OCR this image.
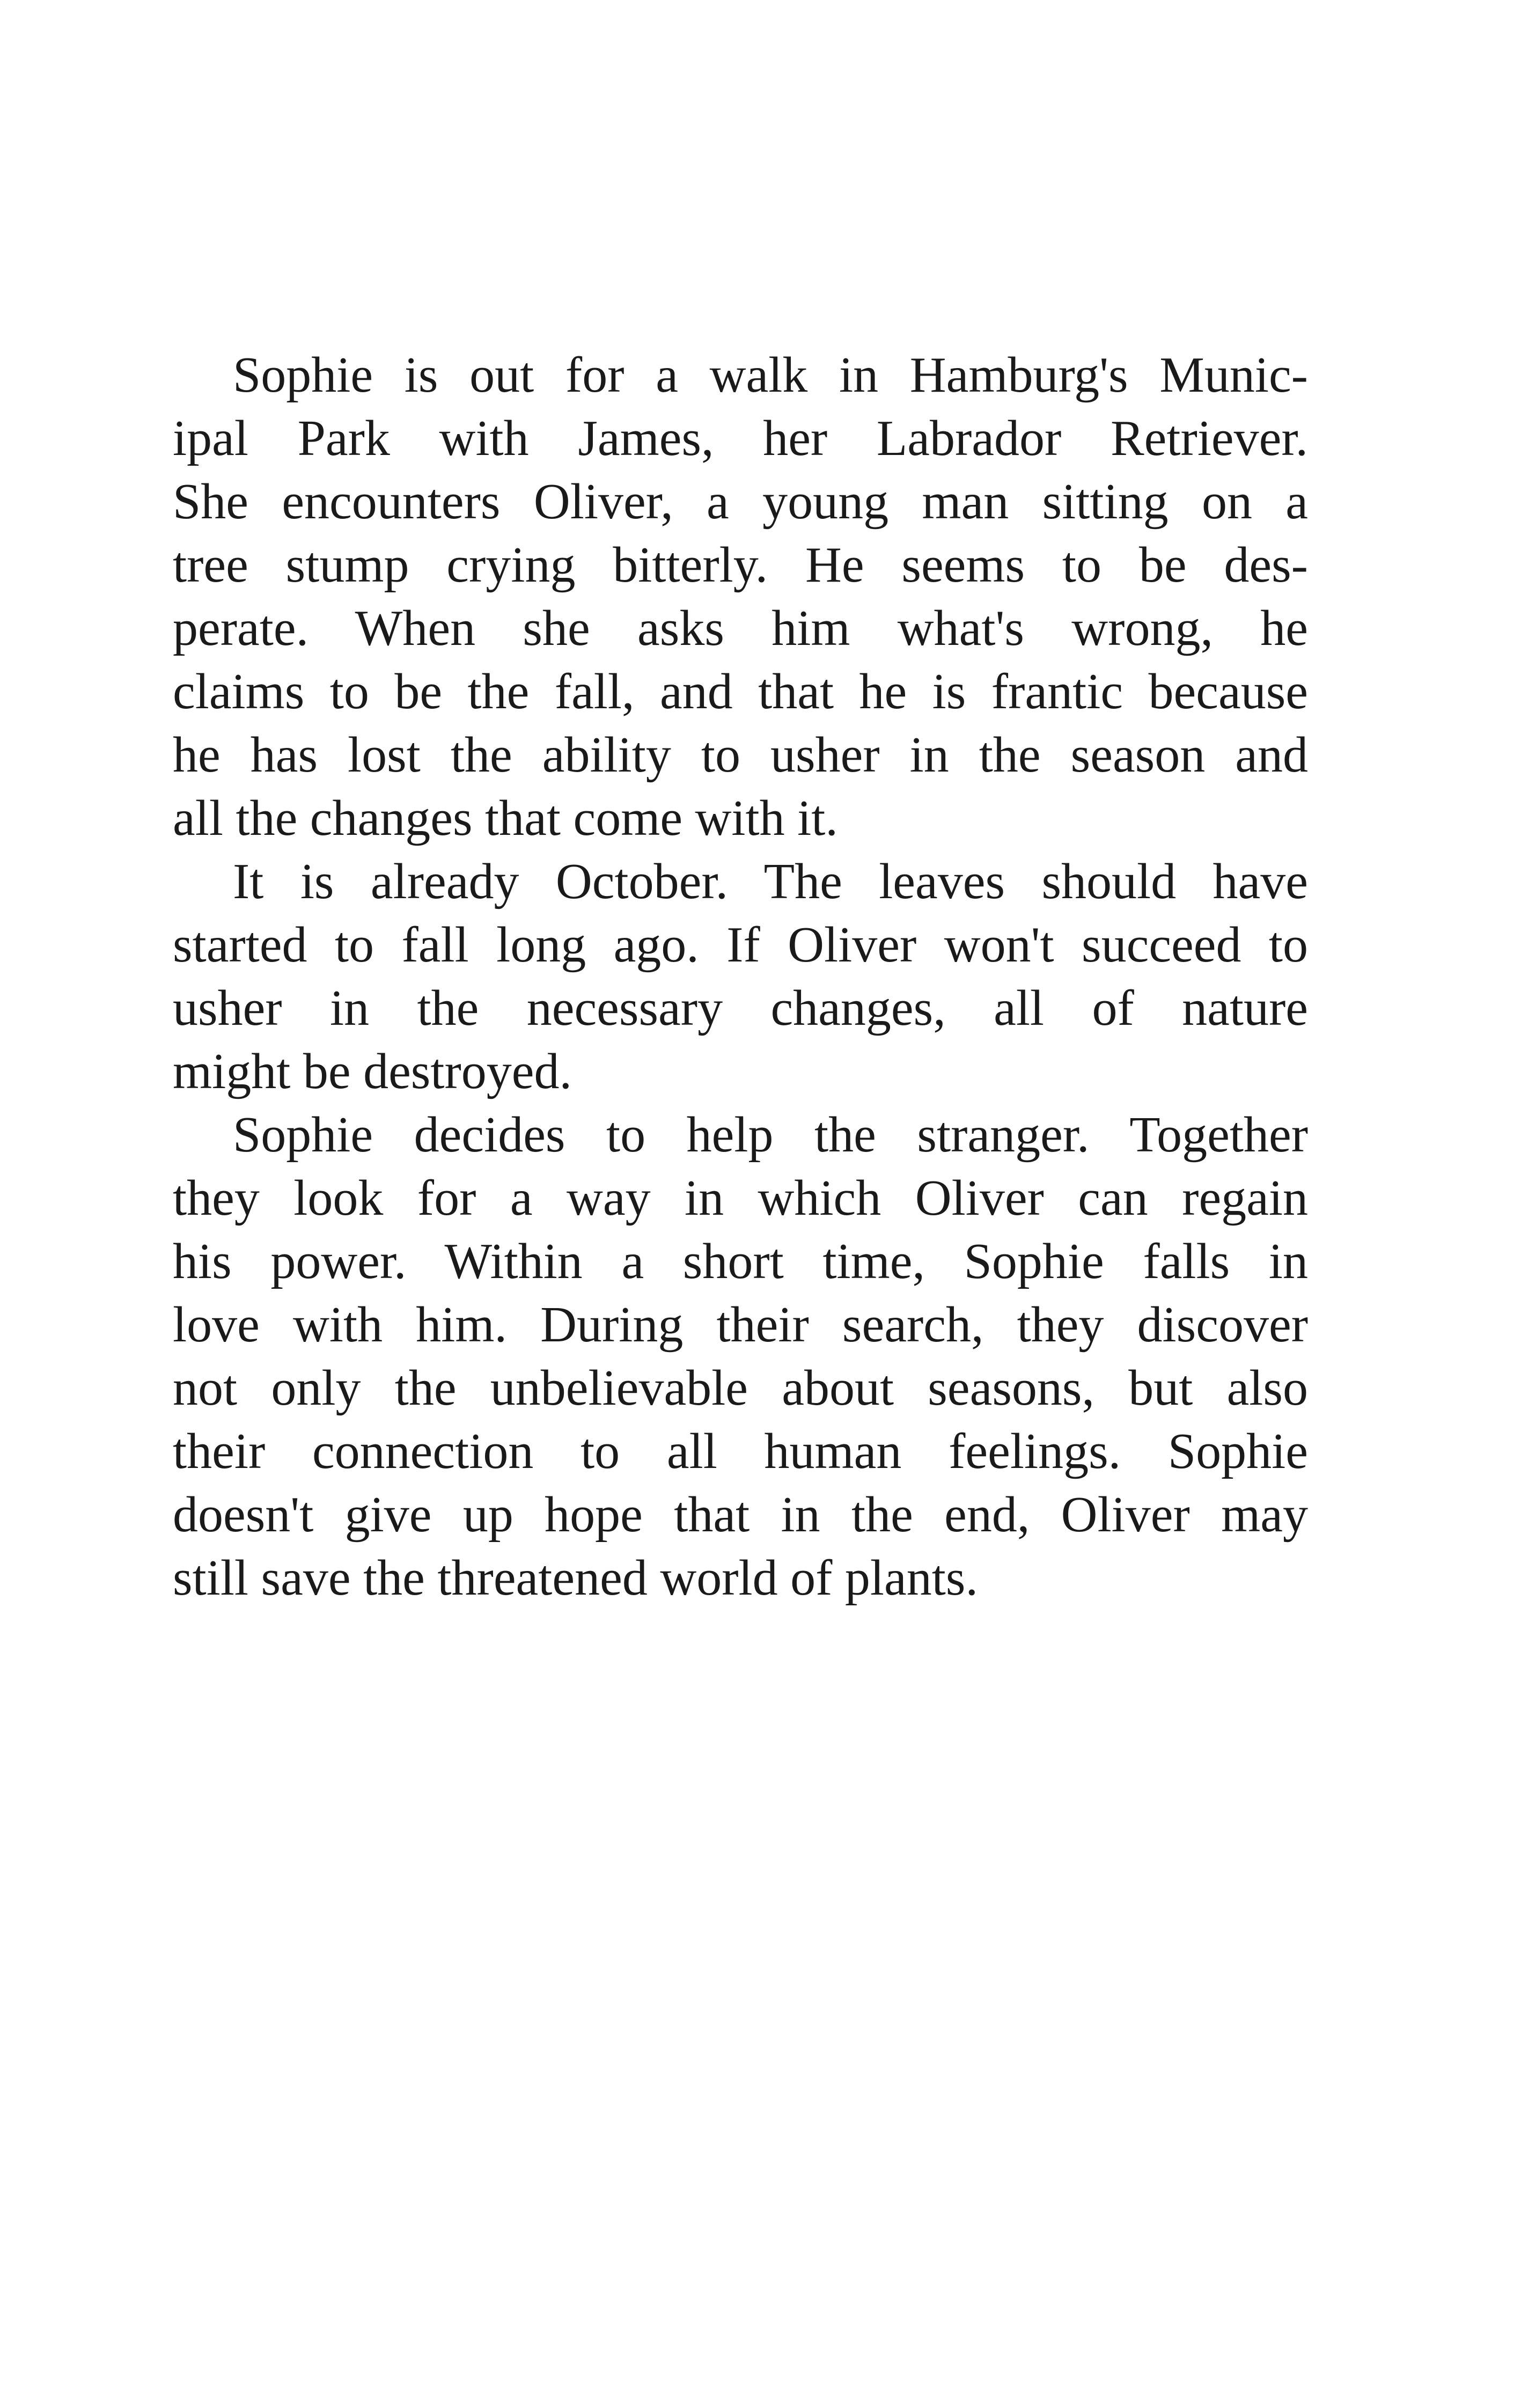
Sophie is out for a walk in Hamburg's Munic-
ipal Park with James, her Labrador Retriever.
She encounters Oliver, a young man sitting on a
tree stump crying bitterly. He seems to be des-
perate. When she asks him what's wrong, he
claims to be the fall, and that he is frantic because
he has lost the ability to usher in the season and
all the changes that come with it.
It is already October. The leaves should have
started to fall long ago. If Oliver won't succeed to
usher in the necessary changes, all of nature
might be destroyed.
Sophie decides to help the stranger. Together
they look for a way in which Oliver can regain
his power. Within a short time, Sophie falls in
love with him. During their search, they discover
not only the unbelievable about seasons, but also
their connection to all human feelings. Sophie
doesn't give up hope that in the end, Oliver may
still save the threatened world of plants.
